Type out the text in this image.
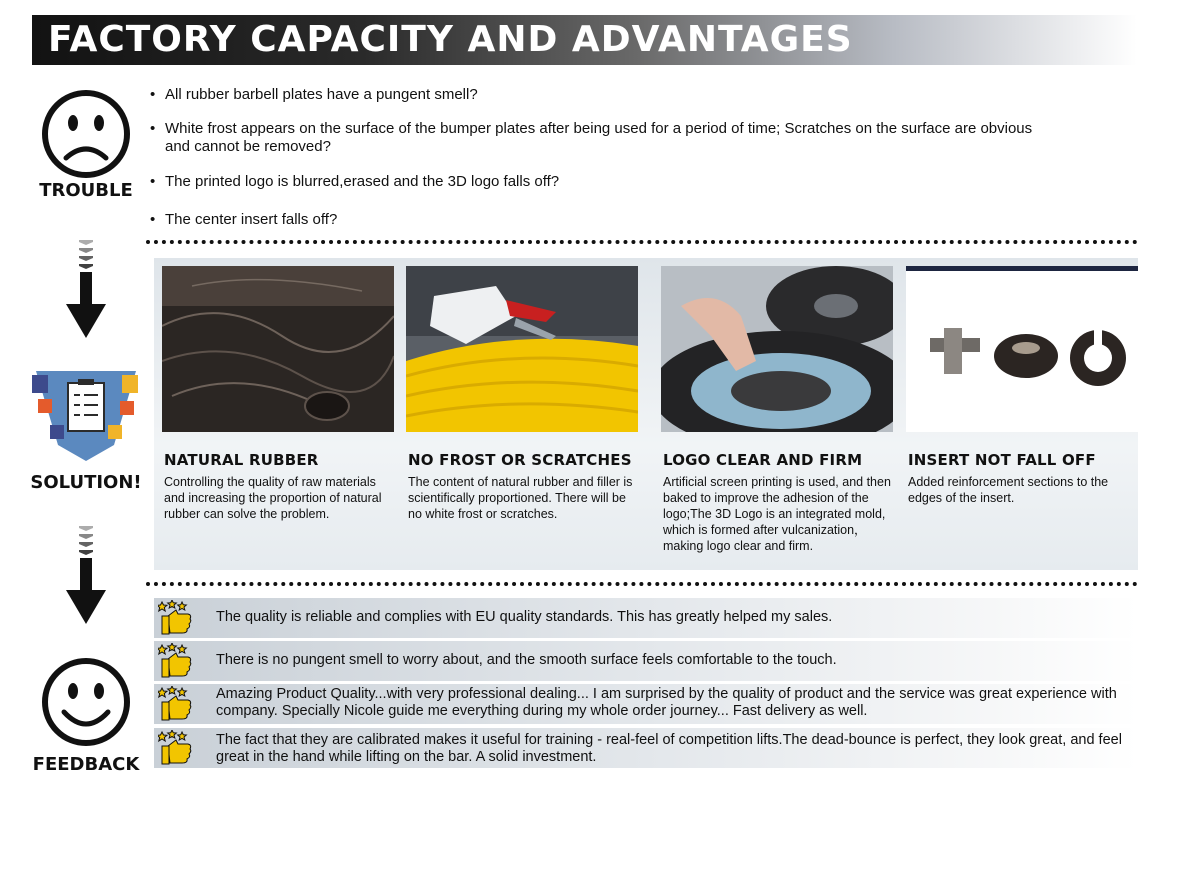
FACTORY CAPACITY AND ADVANTAGES
TROUBLE
• All rubber barbell plates have a pungent smell?
• White frost appears on the surface of the bumper plates after being used for a period of time; Scratches on the surface are obvious and cannot be removed?
• The printed logo is blurred,erased and the 3D logo falls off?
• The center insert falls off?
SOLUTION!
NATURAL RUBBER
Controlling the quality of raw materials and increasing the proportion of natural rubber can solve the problem.
NO FROST OR SCRATCHES
The content of natural rubber and filler is scientifically proportioned. There will be no white frost or scratches.
LOGO CLEAR AND FIRM
Artificial screen printing is used, and then baked to improve the adhesion of the logo;The 3D Logo is an integrated mold, which is formed after vulcanization，making logo clear and firm.
INSERT NOT FALL OFF
Added reinforcement sections to the edges of the insert.
FEEDBACK
The quality is reliable and complies with EU quality standards. This has greatly helped my sales.
There is no pungent smell to worry about, and the smooth surface feels comfortable to the touch.
Amazing Product Quality...with very professional dealing... I am surprised by the quality of product and the service was great experience with company. Specially Nicole guide me everything during my whole order journey... Fast delivery as well.
The fact that they are calibrated makes it useful for training - real-feel of competition lifts.The dead-bounce is perfect, they look great, and feel great in the hand while lifting on the bar. A solid investment.
